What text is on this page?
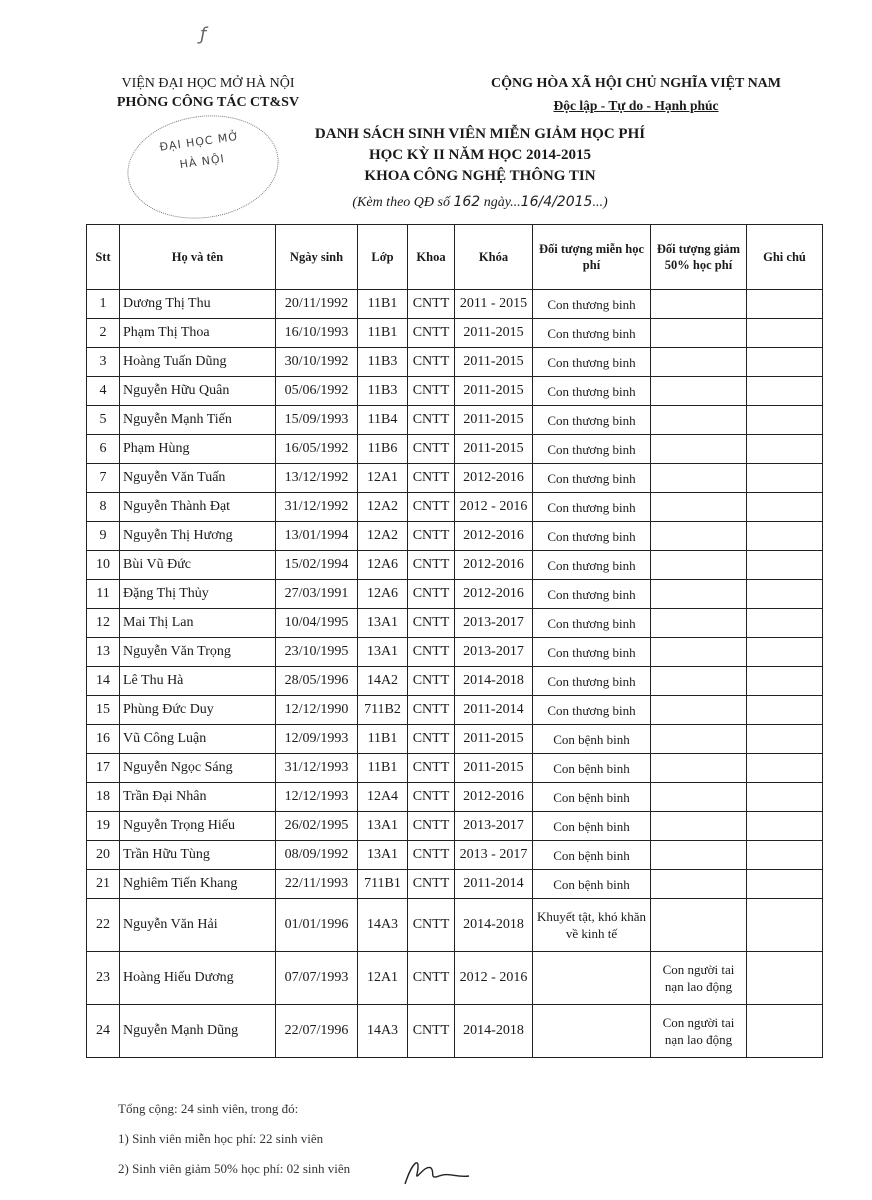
ƒ
VIỆN ĐẠI HỌC MỞ HÀ NỘI
PHÒNG CÔNG TÁC CT&SV
CỘNG HÒA XÃ HỘI CHỦ NGHĨA VIỆT NAM
Độc lập - Tự do - Hạnh phúc
ĐẠI HỌC MỞ
HÀ NỘI
DANH SÁCH SINH VIÊN MIỄN GIẢM HỌC PHÍ
HỌC KỲ II NĂM HỌC 2014-2015
KHOA CÔNG NGHỆ THÔNG TIN
(Kèm theo QĐ số 162 ngày...16/4/2015...)
Stt	Họ và tên	Ngày sinh	Lớp	Khoa	Khóa	Đối tượng miễn học phí	Đối tượng giảm 50% học phí	Ghi chú
1	Dương Thị Thu	20/11/1992	11B1	CNTT	2011 - 2015	Con thương binh		
2	Phạm Thị Thoa	16/10/1993	11B1	CNTT	2011-2015	Con thương binh		
3	Hoàng Tuấn Dũng	30/10/1992	11B3	CNTT	2011-2015	Con thương binh		
4	Nguyễn Hữu Quân	05/06/1992	11B3	CNTT	2011-2015	Con thương binh		
5	Nguyễn Mạnh Tiến	15/09/1993	11B4	CNTT	2011-2015	Con thương binh		
6	Phạm Hùng	16/05/1992	11B6	CNTT	2011-2015	Con thương binh		
7	Nguyễn Văn Tuấn	13/12/1992	12A1	CNTT	2012-2016	Con thương binh		
8	Nguyễn Thành Đạt	31/12/1992	12A2	CNTT	2012 - 2016	Con thương binh		
9	Nguyễn Thị Hương	13/01/1994	12A2	CNTT	2012-2016	Con thương binh		
10	Bùi Vũ Đức	15/02/1994	12A6	CNTT	2012-2016	Con thương binh		
11	Đặng Thị Thủy	27/03/1991	12A6	CNTT	2012-2016	Con thương binh		
12	Mai Thị Lan	10/04/1995	13A1	CNTT	2013-2017	Con thương binh		
13	Nguyễn Văn Trọng	23/10/1995	13A1	CNTT	2013-2017	Con thương binh		
14	Lê Thu Hà	28/05/1996	14A2	CNTT	2014-2018	Con thương binh		
15	Phùng Đức Duy	12/12/1990	711B2	CNTT	2011-2014	Con thương binh		
16	Vũ Công Luận	12/09/1993	11B1	CNTT	2011-2015	Con bệnh binh		
17	Nguyễn Ngọc Sáng	31/12/1993	11B1	CNTT	2011-2015	Con bệnh binh		
18	Trần Đại Nhân	12/12/1993	12A4	CNTT	2012-2016	Con bệnh binh		
19	Nguyễn Trọng Hiếu	26/02/1995	13A1	CNTT	2013-2017	Con bệnh binh		
20	Trần Hữu Tùng	08/09/1992	13A1	CNTT	2013 - 2017	Con bệnh binh		
21	Nghiêm Tiến Khang	22/11/1993	711B1	CNTT	2011-2014	Con bệnh binh		
22	Nguyễn Văn Hải	01/01/1996	14A3	CNTT	2014-2018	Khuyết tật, khó khăn về kinh tế		
23	Hoàng Hiếu Dương	07/07/1993	12A1	CNTT	2012 - 2016		Con người tai nạn lao động	
24	Nguyễn Mạnh Dũng	22/07/1996	14A3	CNTT	2014-2018		Con người tai nạn lao động	
Tổng cộng: 24 sinh viên, trong đó:
1) Sinh viên miễn học phí: 22 sinh viên
2) Sinh viên giảm 50% học phí: 02 sinh viên
